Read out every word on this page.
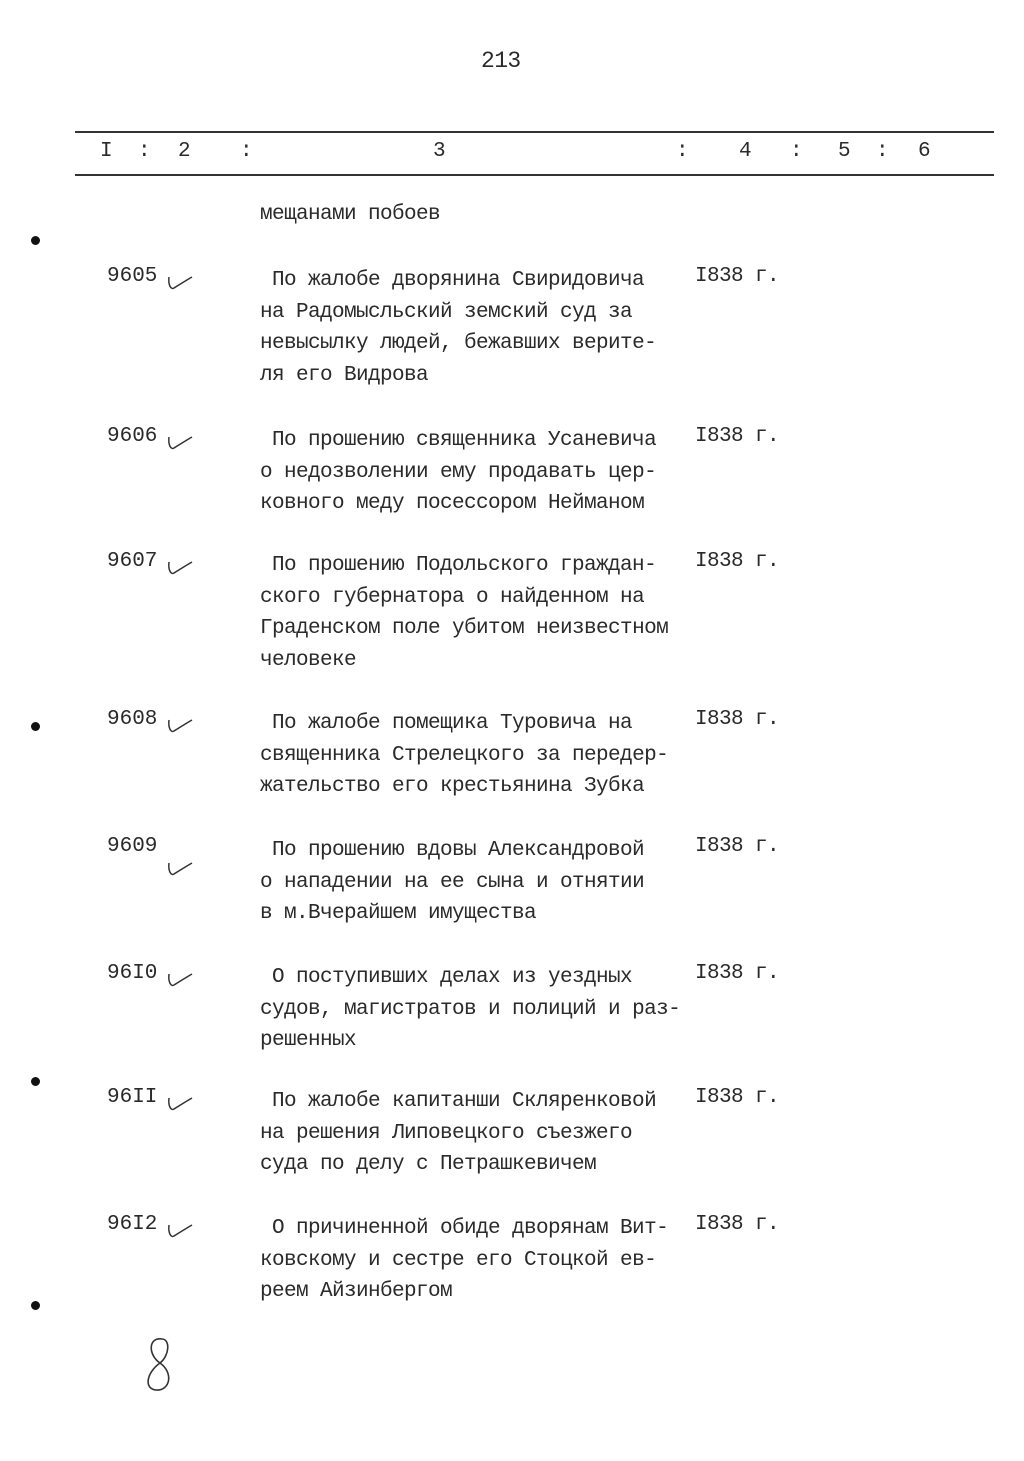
213
I : 2 :	3	: 4 : 5 : 6
мещанами побоев
9605	По жалобе дворянина Свиридовича
на Радомысльский земский суд за
невысылку людей, бежавших верите-
ля его Видрова
I838 г.
9606	По прошению священника Усаневича
о недозволении ему продавать цер-
ковного меду посессором Нейманом
I838 г.
9607	По прошению Подольского граждан-
ского губернатора о найденном на
Граденском поле убитом неизвестном
человеке
I838 г.
9608	По жалобе помещика Туровича на
священника Стрелецкого за передер-
жательство его крестьянина Зубка
I838 г.
9609	По прошению вдовы Александровой
о нападении на ее сына и отнятии
в м.Вчерайшем имущества
I838 г.
96I0	О поступивших делах из уездных
судов, магистратов и полиций и раз-
решенных
I838 г.
96II	По жалобе капитанши Скляренковой
на решения Липовецкого съезжего
суда по делу с Петрашкевичем
I838 г.
96I2	О причиненной обиде дворянам Вит-
ковскому и сестре его Стоцкой ев-
реем Айзинбергом
I838 г.
